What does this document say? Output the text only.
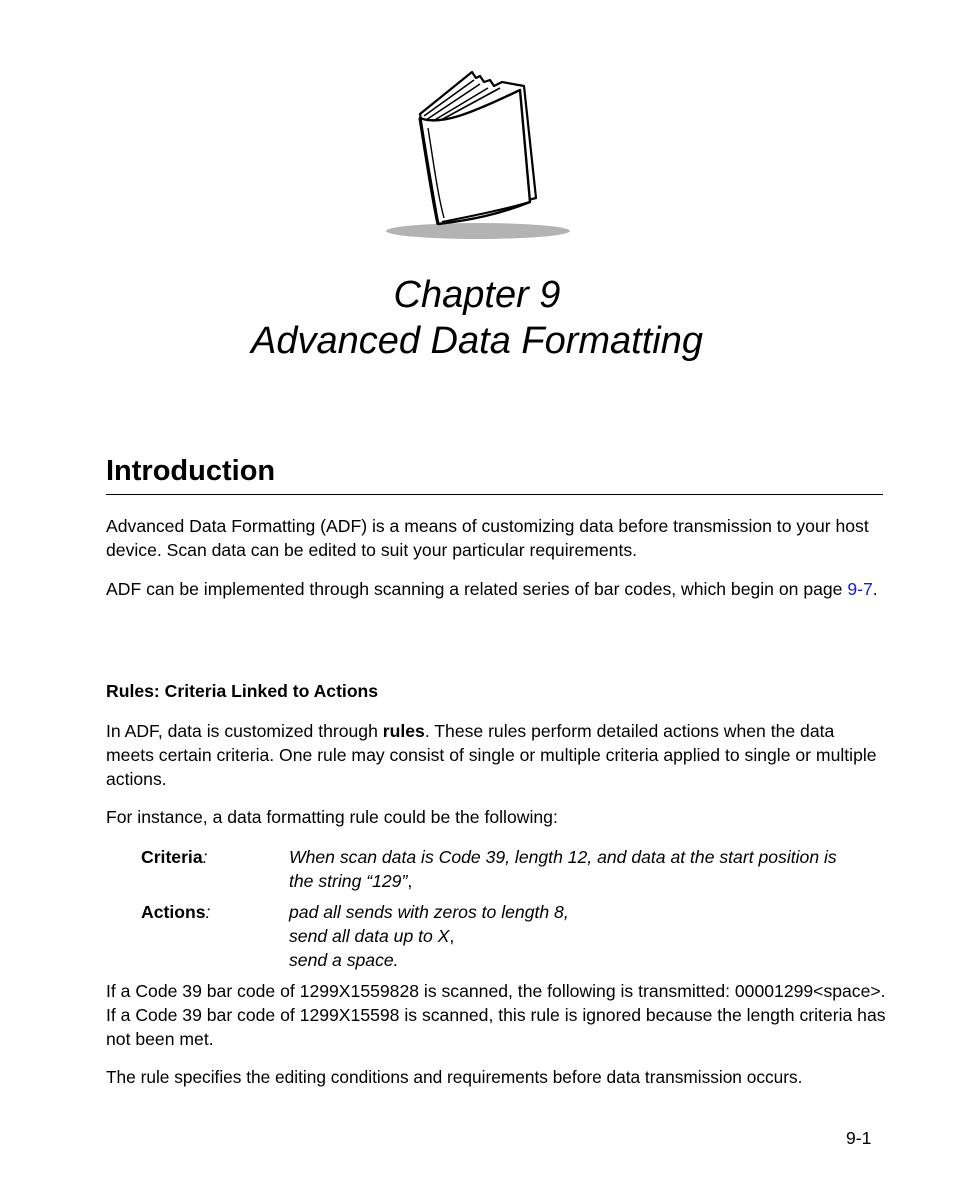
Chapter 9
Advanced Data Formatting
Introduction

Advanced Data Formatting (ADF) is a means of customizing data before transmission to your host device. Scan data can be edited to suit your particular requirements.

ADF can be implemented through scanning a related series of bar codes, which begin on page 9-7.

Rules: Criteria Linked to Actions

In ADF, data is customized through rules. These rules perform detailed actions when the data meets certain criteria. One rule may consist of single or multiple criteria applied to single or multiple actions.

For instance, a data formatting rule could be the following:

Criteria:	When scan data is Code 39, length 12, and data at the start position is
the string “129”,
Actions:	pad all sends with zeros to length 8,
send all data up to X,
send a space.

If a Code 39 bar code of 1299X1559828 is scanned, the following is transmitted: 00001299<space>. If a Code 39 bar code of 1299X15598 is scanned, this rule is ignored because the length criteria has not been met.

The rule specifies the editing conditions and requirements before data transmission occurs.

9-1
